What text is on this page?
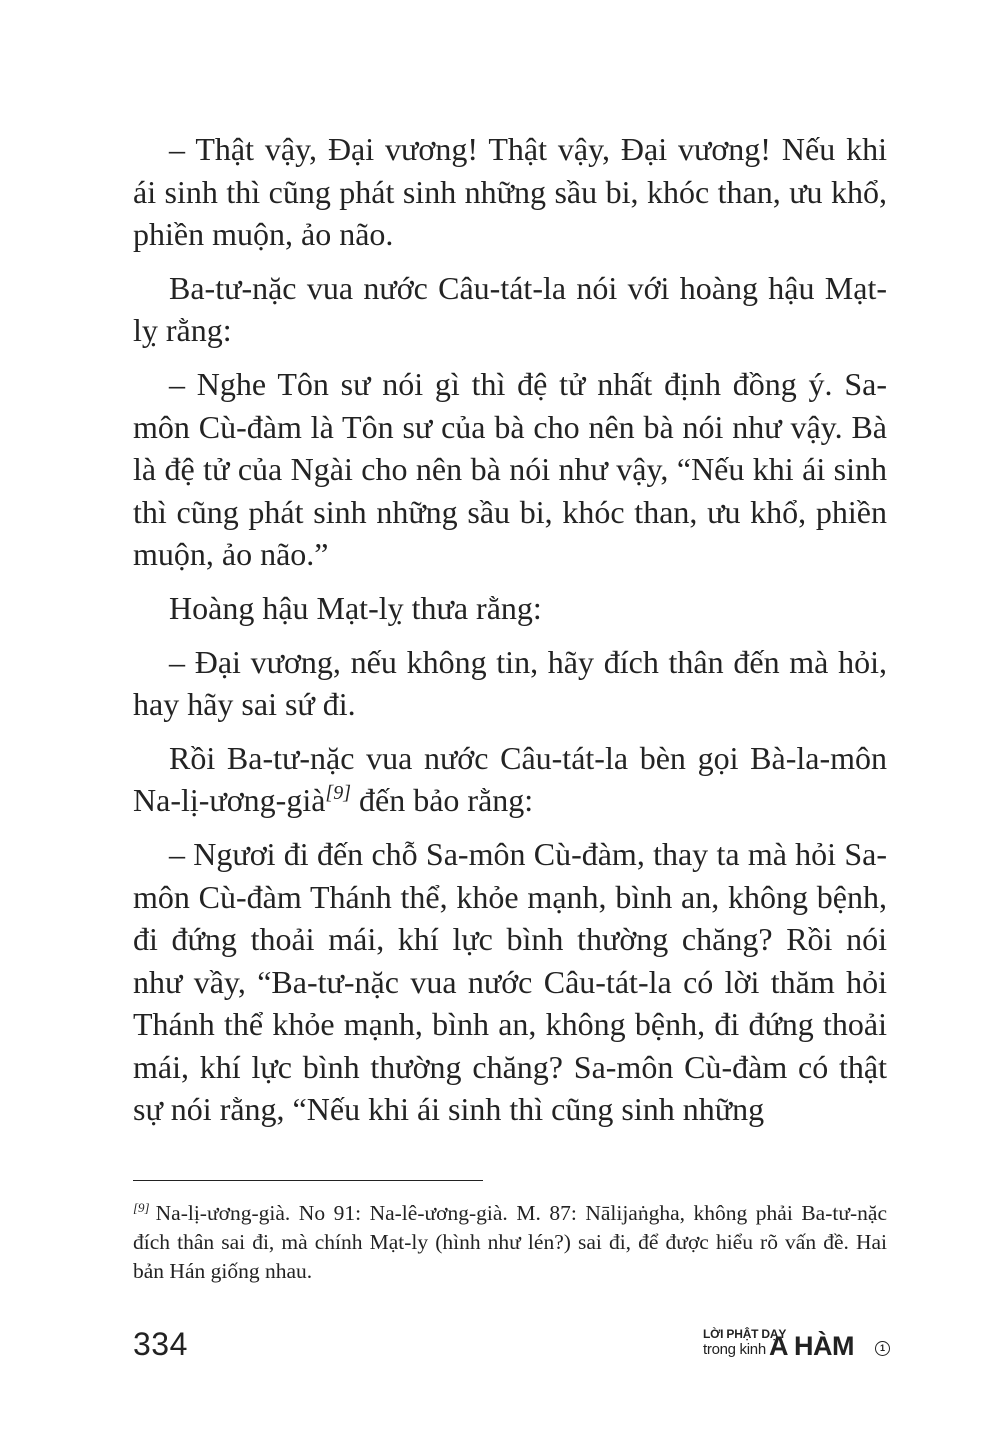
– Thật vậy, Đại vương! Thật vậy, Đại vương! Nếu khi ái sinh thì cũng phát sinh những sầu bi, khóc than, ưu khổ, phiền muộn, ảo não.

Ba-tư-nặc vua nước Câu-tát-la nói với hoàng hậu Mạt-lỵ rằng:

– Nghe Tôn sư nói gì thì đệ tử nhất định đồng ý. Sa-môn Cù-đàm là Tôn sư của bà cho nên bà nói như vậy. Bà là đệ tử của Ngài cho nên bà nói như vậy, “Nếu khi ái sinh thì cũng phát sinh những sầu bi, khóc than, ưu khổ, phiền muộn, ảo não.”

Hoàng hậu Mạt-lỵ thưa rằng:

– Đại vương, nếu không tin, hãy đích thân đến mà hỏi, hay hãy sai sứ đi.

Rồi Ba-tư-nặc vua nước Câu-tát-la bèn gọi Bà-la-môn Na-lị-ương-già[9] đến bảo rằng:

– Ngươi đi đến chỗ Sa-môn Cù-đàm, thay ta mà hỏi Sa-môn Cù-đàm Thánh thể, khỏe mạnh, bình an, không bệnh, đi đứng thoải mái, khí lực bình thường chăng? Rồi nói như vầy, “Ba-tư-nặc vua nước Câu-tát-la có lời thăm hỏi Thánh thể khỏe mạnh, bình an, không bệnh, đi đứng thoải mái, khí lực bình thường chăng? Sa-môn Cù-đàm có thật sự nói rằng, “Nếu khi ái sinh thì cũng sinh những

[9] Na-lị-ương-già. No 91: Na-lê-ương-già. M. 87: Nālijaṅgha, không phải Ba-tư-nặc đích thân sai đi, mà chính Mạt-ly (hình như lén?) sai đi, để được hiểu rõ vấn đề. Hai bản Hán giống nhau.

334	LỜI PHẬT DẠY
trong kinh A HÀM	1
